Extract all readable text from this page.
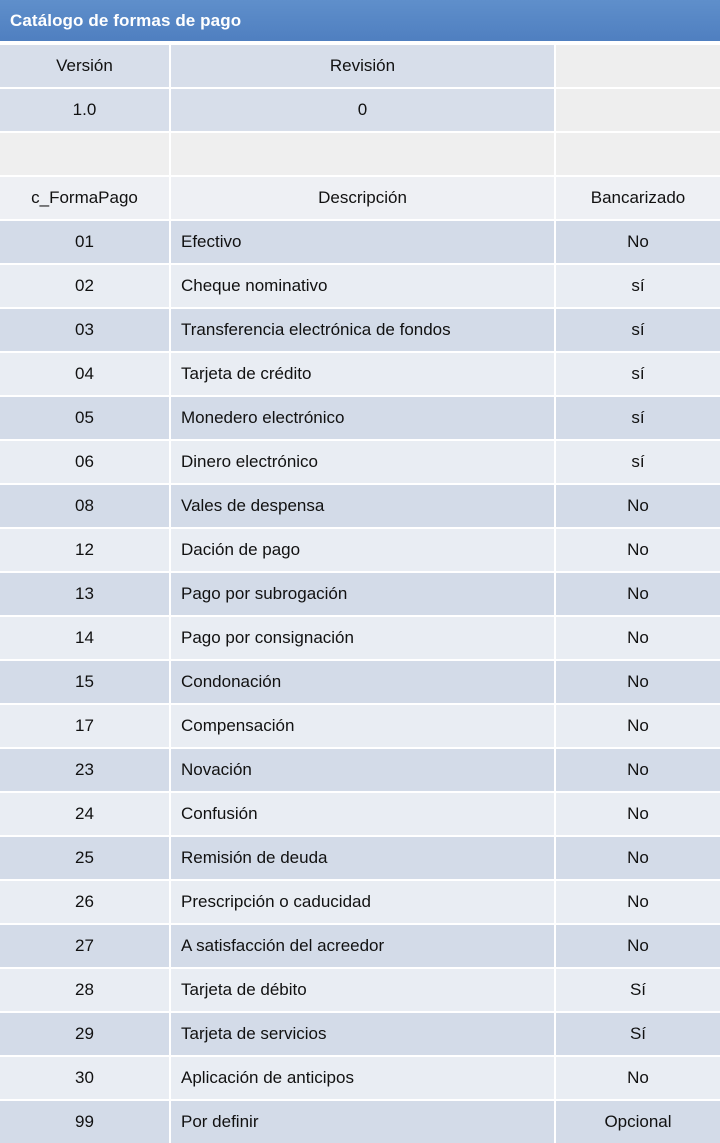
Catálogo de formas de pago
Versión	Revisión
1.0	0
c_FormaPago	Descripción	Bancarizado
01	Efectivo	No
02	Cheque nominativo	sí
03	Transferencia electrónica de fondos	sí
04	Tarjeta de crédito	sí
05	Monedero electrónico	sí
06	Dinero electrónico	sí
08	Vales de despensa	No
12	Dación de pago	No
13	Pago por subrogación	No
14	Pago por consignación	No
15	Condonación	No
17	Compensación	No
23	Novación	No
24	Confusión	No
25	Remisión de deuda	No
26	Prescripción o caducidad	No
27	A satisfacción del acreedor	No
28	Tarjeta de débito	Sí
29	Tarjeta de servicios	Sí
30	Aplicación de anticipos	No
99	Por definir	Opcional
